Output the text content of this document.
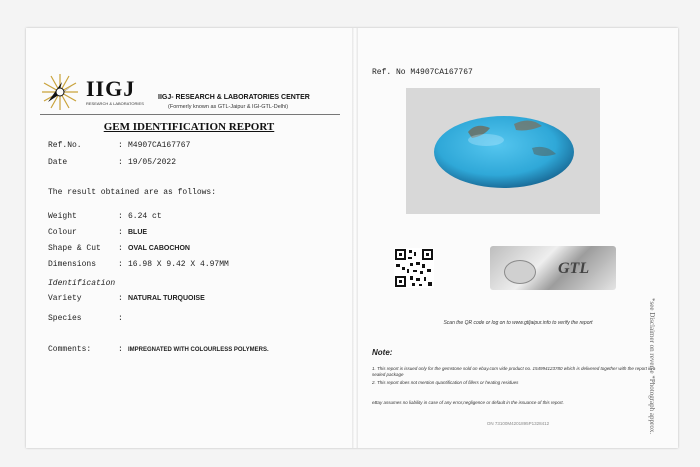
IIGJ
RESEARCH & LABORATORIES
IIGJ- RESEARCH & LABORATORIES CENTER
(Formerly known as GTL-Jaipur & IGI-GTL-Delhi)
GEM IDENTIFICATION REPORT
Ref.No.	: M4907CA167767
Date	: 19/05/2022
The result obtained are as follows:
Weight	: 6.24 ct
Colour	: BLUE
Shape & Cut : OVAL CABOCHON
Dimensions	: 16.98 X 9.42 X 4.97MM
Identification
Variety	: NATURAL TURQUOISE
Species	:
Comments:	: IMPREGNATED WITH COLOURLESS POLYMERS.
Ref. No M4907CA167767
GTL
Scan the QR code or log on to www.gtljaipur.info to verify the report
Note:
1. This report is issued only for the gemstone sold on ebay.com vide product no. 154994123780 which is delivered together with the report in a sealed package
2. This report does not mention quantification of fillers or heating residues
eBay assumes no liability in case of any error,negligence or default in the issuance of this report.
ON 73100M4201895P1328412	*see Disclaimer on reverse *Photograph approx.
